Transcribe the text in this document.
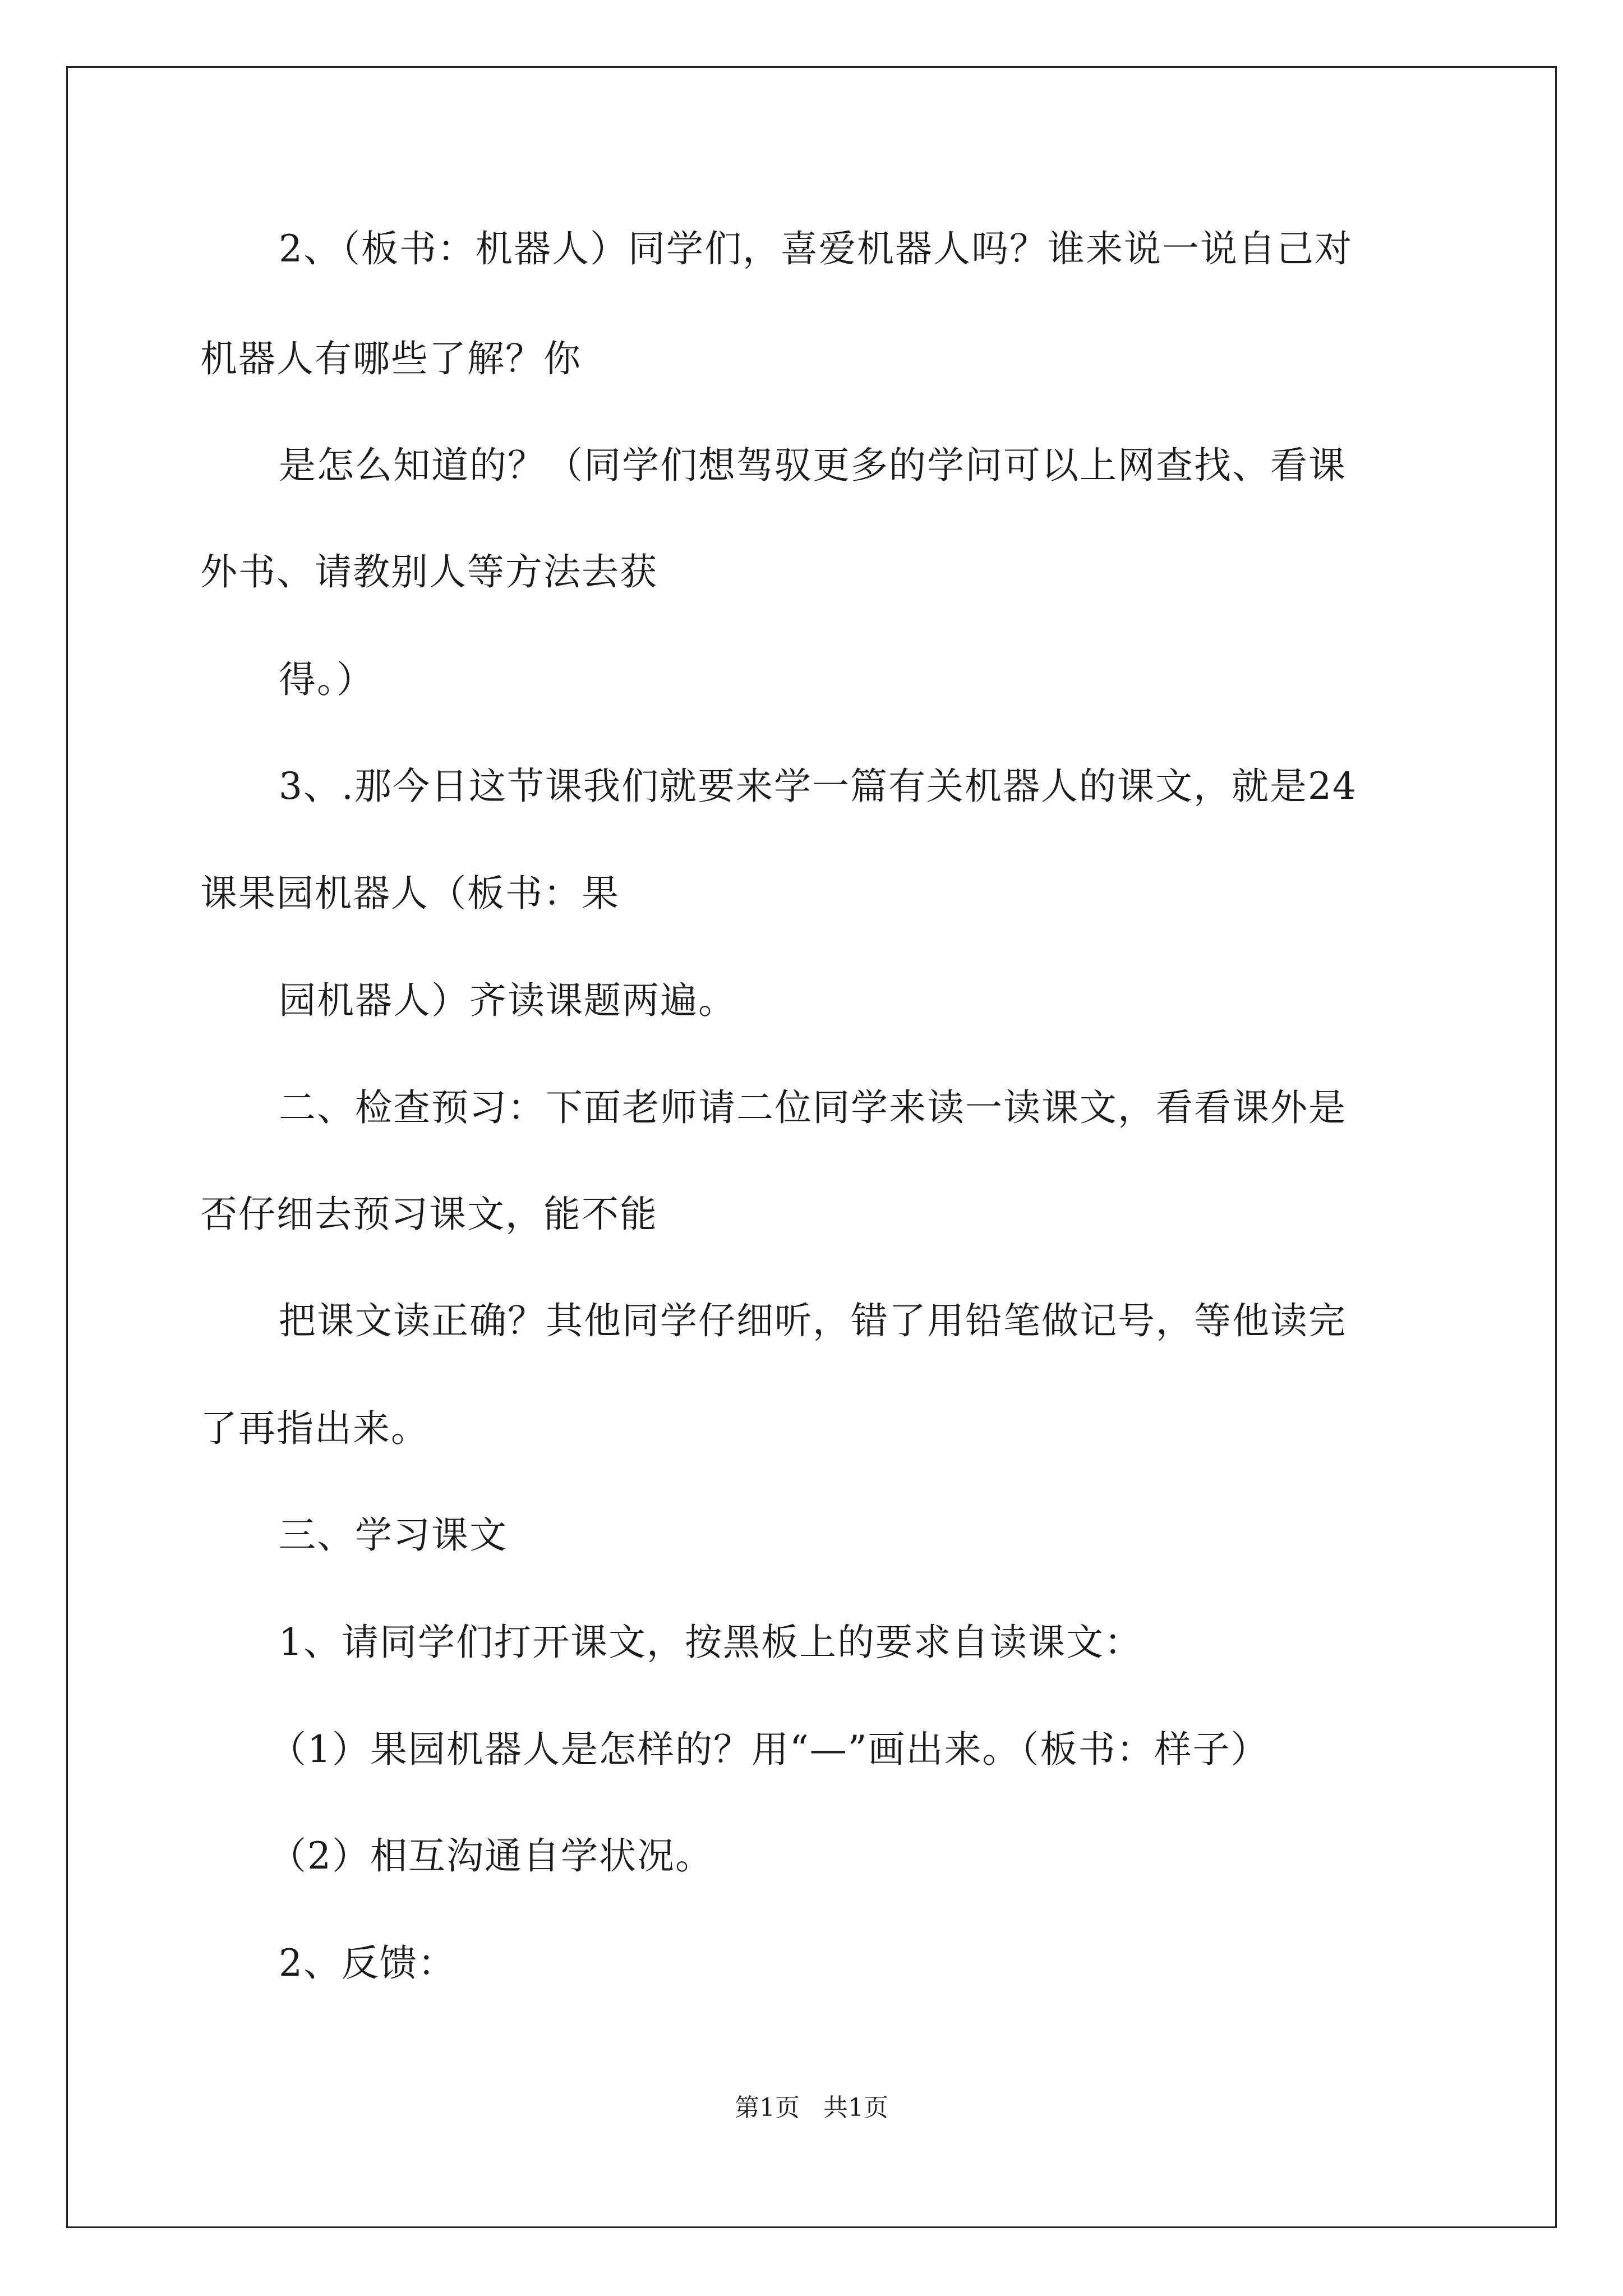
2、（板书：机器人）同学们，喜爱机器人吗？谁来说一说自己对
机器人有哪些了解？你
是怎么知道的？（同学们想驾驭更多的学问可以上网查找、看课
外书、请教别人等方法去获
得。）
3、.那今日这节课我们就要来学一篇有关机器人的课文，就是24
课果园机器人（板书：果
园机器人）齐读课题两遍。
二、检查预习：下面老师请二位同学来读一读课文，看看课外是
否仔细去预习课文，能不能
把课文读正确？其他同学仔细听，错了用铅笔做记号，等他读完
了再指出来。
三、学习课文
1、请同学们打开课文，按黑板上的要求自读课文：
（1）果园机器人是怎样的？用“—”画出来。（板书：样子）
（2）相互沟通自学状况。
2、反馈：
第1页   共1页
